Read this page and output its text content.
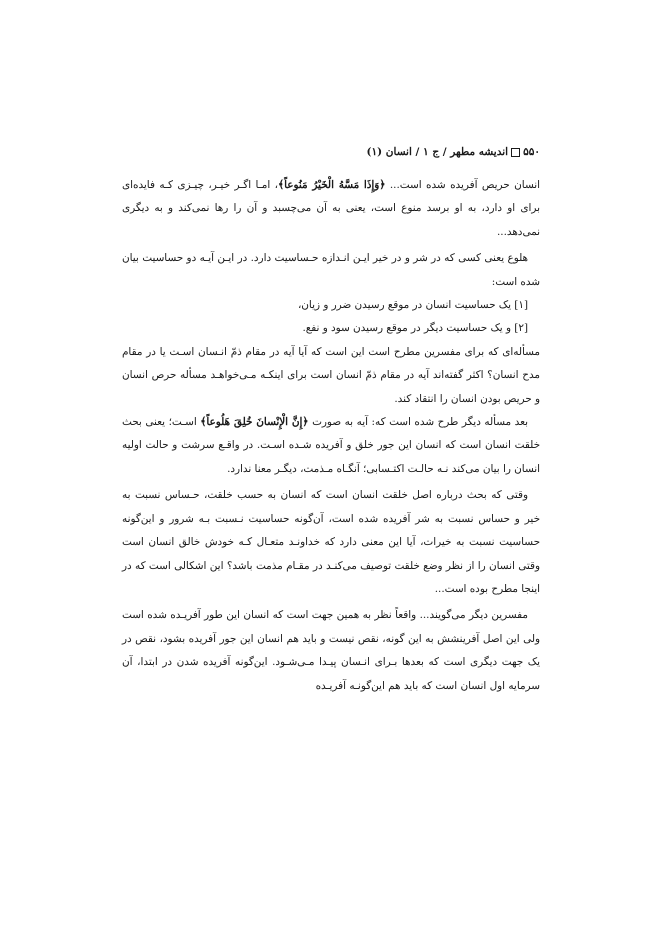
۵۵۰اندیشه مطهر / ج ۱ / انسان (۱)

انسان حریص آفریده شده است... ﴿وَإِذَا مَسَّهُ الْخَیْرُ مَنُوعاً﴾، امـا اگـر خیـر، چیـزی کـه فایده‌ای برای او دارد، به او برسد منوع است، یعنی به آن می‌چسبد و آن را رها نمی‌کند و به دیگری نمی‌دهد...

هلوع یعنی کسی که در شر و در خیر ایـن انـدازه حـساسیت دارد. در ایـن آیـه دو حساسیت بیان شده است:

[۱] یک حساسیت انسان در موقع رسیدن ضرر و زیان،

[۲] و یک حساسیت دیگر در موقع رسیدن سود و نفع.

مسأله‌ای که برای مفسرین مطرح است این است که آیا آیه در مقام ذمّ انـسان اسـت یا در مقام مدح انسان؟ اکثر گفته‌اند آیه در مقام ذمّ انسان است برای اینکـه مـی‌خواهـد مسأله حرص انسان و حریص بودن انسان را انتقاد کند.

بعد مسأله دیگر طرح شده است که: آیه به صورت ﴿إِنَّ الْإِنْسانَ خُلِقَ هَلُوعاً﴾ اسـت؛ یعنی بحث خلقت انسان است که انسان این جور خلق و آفریده شـده اسـت. در واقـع سرشت و حالت اولیه انسان را بیان می‌کند نـه حالـت اکتـسابی؛ آنگـاه مـذمت، دیگـر معنا ندارد.

وقتی که بحث درباره اصل خلقت انسان است که انسان به حسب خلقت، حـساس نسبت به خیر و حساس نسبت به شر آفریده شده است، آن‌گونه حساسیت نـسبت بـه شرور و این‌گونه حساسیت نسبت به خیرات، آیا این معنی دارد که خداونـد متعـال کـه خودش خالق انسان است وقتی انسان را از نظر وضع خلقت توصیف می‌کنـد در مقـام مذمت باشد؟ این اشکالی است که در اینجا مطرح بوده است...

مفسرین دیگر می‌گویند... واقعاً نظر به همین جهت است که انسان این طور آفریـده شده است ولی این اصل آفرینشش به این گونه، نقص نیست و باید هم انسان این جور آفریده بشود، نقص در یک جهت دیگری است که بعدها بـرای انـسان پیـدا مـی‌شـود. این‌گونه آفریده شدن در ابتدا، آن سرمایه اول انسان است که باید هم این‌گونـه آفریـده
